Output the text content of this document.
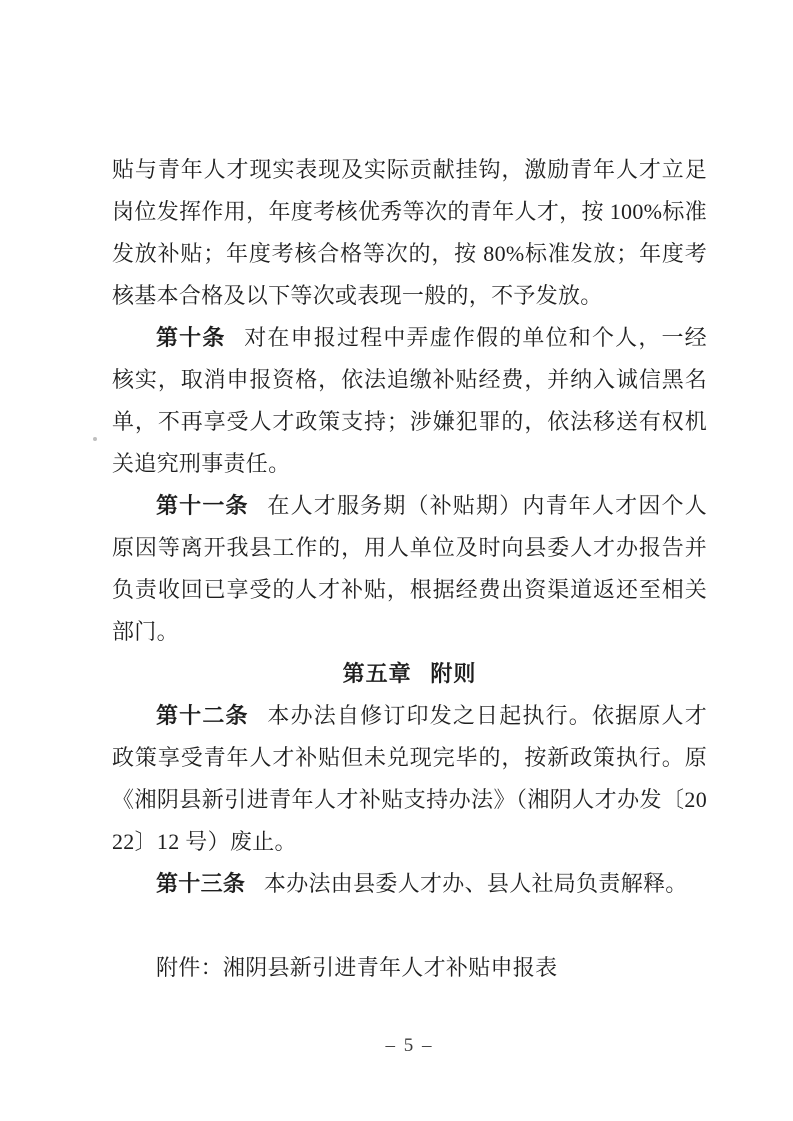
贴与青年人才现实表现及实际贡献挂钩，激励青年人才立足岗位发挥作用，年度考核优秀等次的青年人才，按 100%标准发放补贴；年度考核合格等次的，按 80%标准发放；年度考核基本合格及以下等次或表现一般的，不予发放。

第十条 对在申报过程中弄虚作假的单位和个人，一经核实，取消申报资格，依法追缴补贴经费，并纳入诚信黑名单，不再享受人才政策支持；涉嫌犯罪的，依法移送有权机关追究刑事责任。

第十一条 在人才服务期（补贴期）内青年人才因个人原因等离开我县工作的，用人单位及时向县委人才办报告并负责收回已享受的人才补贴，根据经费出资渠道返还至相关部门。

第五章 附则

第十二条 本办法自修订印发之日起执行。依据原人才政策享受青年人才补贴但未兑现完毕的，按新政策执行。原《湘阴县新引进青年人才补贴支持办法》（湘阴人才办发〔2022〕12 号）废止。

第十三条 本办法由县委人才办、县人社局负责解释。

附件：湘阴县新引进青年人才补贴申报表

– 5 –
